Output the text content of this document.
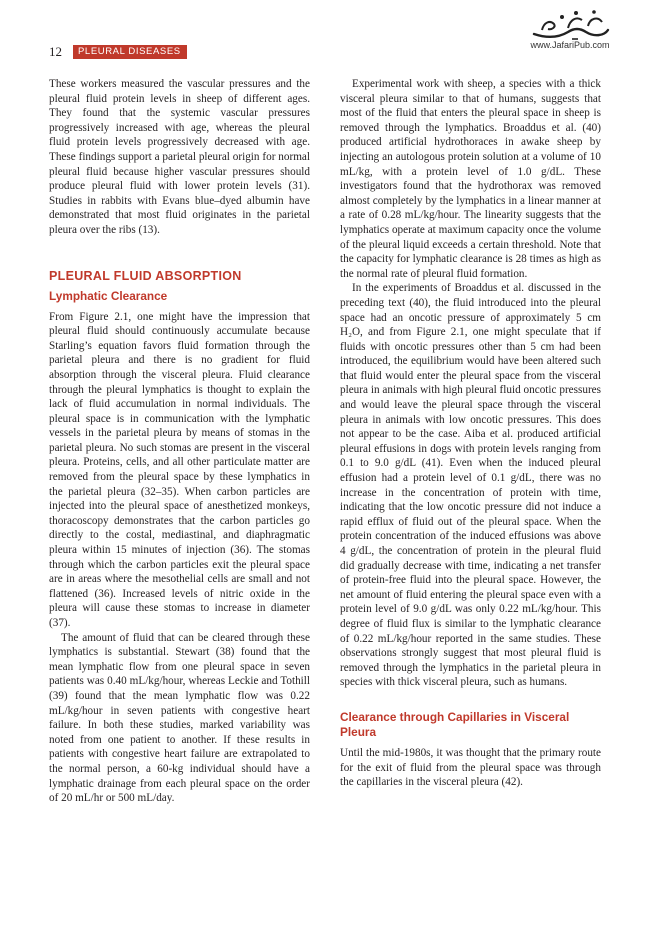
12	PLEURAL DISEASES
www.JafariPub.com

These workers measured the vascular pressures and the pleural fluid protein levels in sheep of different ages. They found that the systemic vascular pressures progressively increased with age, whereas the pleural fluid protein levels progressively decreased with age. These findings support a parietal pleural origin for normal pleural fluid because higher vascular pressures should produce pleural fluid with lower protein levels (31). Studies in rabbits with Evans blue–dyed albumin have demonstrated that most fluid originates in the parietal pleura over the ribs (13).

PLEURAL FLUID ABSORPTION
Lymphatic Clearance

From Figure 2.1, one might have the impression that pleural fluid should continuously accumulate because Starling’s equation favors fluid formation through the parietal pleura and there is no gradient for fluid absorption through the visceral pleura. Fluid clearance through the pleural lymphatics is thought to explain the lack of fluid accumulation in normal individuals. The pleural space is in communication with the lymphatic vessels in the parietal pleura by means of stomas in the parietal pleura. No such stomas are present in the visceral pleura. Proteins, cells, and all other particulate matter are removed from the pleural space by these lymphatics in the parietal pleura (32–35). When carbon particles are injected into the pleural space of anesthetized monkeys, thoracoscopy demonstrates that the carbon particles go directly to the costal, mediastinal, and diaphragmatic pleura within 15 minutes of injection (36). The stomas through which the carbon particles exit the pleural space are in areas where the mesothelial cells are small and not flattened (36). Increased levels of nitric oxide in the pleura will cause these stomas to increase in diameter (37).

The amount of fluid that can be cleared through these lymphatics is substantial. Stewart (38) found that the mean lymphatic flow from one pleural space in seven patients was 0.40 mL/kg/hour, whereas Leckie and Tothill (39) found that the mean lymphatic flow was 0.22 mL/kg/hour in seven patients with congestive heart failure. In both these studies, marked variability was noted from one patient to another. If these results in patients with congestive heart failure are extrapolated to the normal person, a 60-kg individual should have a lymphatic drainage from each pleural space on the order of 20 mL/hr or 500 mL/day.

Experimental work with sheep, a species with a thick visceral pleura similar to that of humans, suggests that most of the fluid that enters the pleural space in sheep is removed through the lymphatics. Broaddus et al. (40) produced artificial hydrothoraces in awake sheep by injecting an autologous protein solution at a volume of 10 mL/kg, with a protein level of 1.0 g/dL. These investigators found that the hydrothorax was removed almost completely by the lymphatics in a linear manner at a rate of 0.28 mL/kg/hour. The linearity suggests that the lymphatics operate at maximum capacity once the volume of the pleural liquid exceeds a certain threshold. Note that the capacity for lymphatic clearance is 28 times as high as the normal rate of pleural fluid formation.

In the experiments of Broaddus et al. discussed in the preceding text (40), the fluid introduced into the pleural space had an oncotic pressure of approximately 5 cm H₂O, and from Figure 2.1, one might speculate that if fluids with oncotic pressures other than 5 cm had been introduced, the equilibrium would have been altered such that fluid would enter the pleural space from the visceral pleura in animals with high pleural fluid oncotic pressures and would leave the pleural space through the visceral pleura in animals with low oncotic pressures. This does not appear to be the case. Aiba et al. produced artificial pleural effusions in dogs with protein levels ranging from 0.1 to 9.0 g/dL (41). Even when the induced pleural effusion had a protein level of 0.1 g/dL, there was no increase in the concentration of protein with time, indicating that the low oncotic pressure did not induce a rapid efflux of fluid out of the pleural space. When the protein concentration of the induced effusions was above 4 g/dL, the concentration of protein in the pleural fluid did gradually decrease with time, indicating a net transfer of protein-free fluid into the pleural space. However, the net amount of fluid entering the pleural space even with a protein level of 9.0 g/dL was only 0.22 mL/kg/hour. This degree of fluid flux is similar to the lymphatic clearance of 0.22 mL/kg/hour reported in the same studies. These observations strongly suggest that most pleural fluid is removed through the lymphatics in the parietal pleura in species with thick visceral pleura, such as humans.

Clearance through Capillaries in Visceral Pleura

Until the mid-1980s, it was thought that the primary route for the exit of fluid from the pleural space was through the capillaries in the visceral pleura (42).
